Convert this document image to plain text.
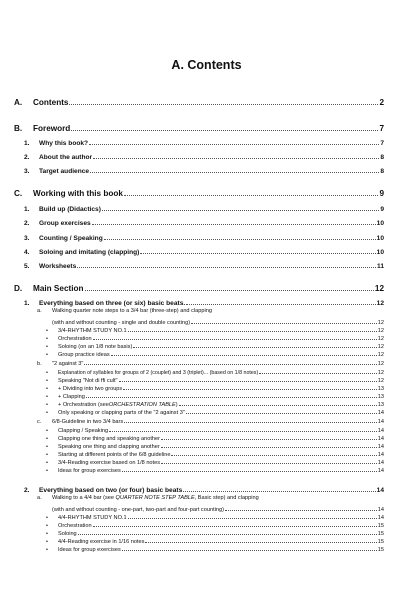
A. Contents
A.	Contents	2
B.	Foreword	7
1.	Why this book?	7
2.	About the author	8
3.	Target audience	8
C.	Working with this book	9
1.	Build up (Didactics)	9
2.	Group exercises	10
3.	Counting / Speaking	10
4.	Soloing and imitating (clapping)	10
5.	Worksheets	11
D.	Main Section	12
1.	Everything based on three (or six) basic beats.	12
a. Walking quarter note steps to a 3/4 bar (three-step) and clapping
(with and without counting - single and double counting)	12
•	3/4-RHYTHM STUDY NO.1	12
•	Orchestration	12
•	Soloing (on an 1/8 note basis)	12
•	Group practice ideas	12
b.	"2 against 3"	12
•	Explanation of syllables for groups of 2 (couplet) and 3 (triplet)... (based on 1/8 notes)	12
•	Speaking "Not di ffi cult"	12
•	+ Dividing into two groups	13
•	+ Clapping	13
•	+ Orchestration (see ORCHESTRATION TABLE )	13
•	Only speaking or clapping parts of the "2 against 3"	14
c.	6/8-Guideline in two 3/4 bars	14
•	Clapping / Speaking	14
•	Clapping one thing and speaking another	14
•	Speaking one thing and clapping another	14
•	Starting at different points of the 6/8 guideline	14
•	3/4-Reading exercise based on 1/8 notes	14
•	Ideas for group exercises	14
2.	Everything based on two (or four) basic beats	14
a. Walking to a 4/4 bar (see QUARTER NOTE STEP TABLE, Basic step) and clapping
(with and without counting - one-part, two-part and four-part counting)	14
•	4/4-RHYTHM STUDY NO.1	14
•	Orchestration	15
•	Soloing	15
•	4/4-Reading exercise in 1/16 notes	15
•	Ideas for group exercises	15
